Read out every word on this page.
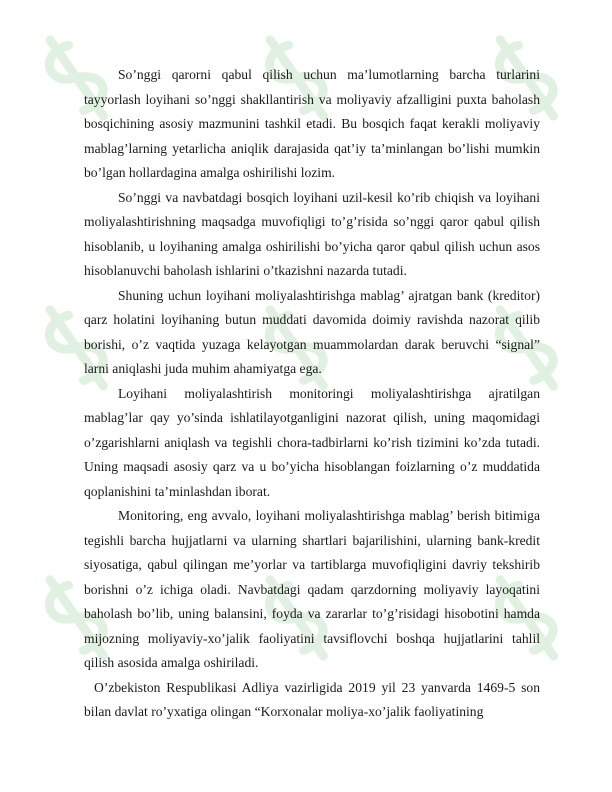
So’nggi qarorni qabul qilish uchun ma’lumotlarning barcha turlarini tayyorlash loyihani so’nggi shakllantirish va moliyaviy afzalligini puxta baholash bosqichining asosiy mazmunini tashkil etadi. Bu bosqich faqat kerakli moliyaviy mablag’larning yetarlicha aniqlik darajasida qat’iy ta’minlangan bo’lishi mumkin bo’lgan hollardagina amalga oshirilishi lozim.

So’nggi va navbatdagi bosqich loyihani uzil-kesil ko’rib chiqish va loyihani moliyalashtirishning maqsadga muvofiqligi to’g’risida so’nggi qaror qabul qilish hisoblanib, u loyihaning amalga oshirilishi bo’yicha qaror qabul qilish uchun asos hisoblanuvchi baholash ishlarini o’tkazishni nazarda tutadi.

Shuning uchun loyihani moliyalashtirishga mablag’ ajratgan bank (kreditor) qarz holatini loyihaning butun muddati davomida doimiy ravishda nazorat qilib borishi, o’z vaqtida yuzaga kelayotgan muammolardan darak beruvchi “signal” larni aniqlashi juda muhim ahamiyatga ega.

Loyihani moliyalashtirish monitoringi moliyalashtirishga ajratilgan mablag’lar qay yo’sinda ishlatilayotganligini nazorat qilish, uning maqomidagi o’zgarishlarni aniqlash va tegishli chora-tadbirlarni ko’rish tizimini ko’zda tutadi. Uning maqsadi asosiy qarz va u bo’yicha hisoblangan foizlarning o’z muddatida qoplanishini ta’minlashdan iborat.

Monitoring, eng avvalo, loyihani moliyalashtirishga mablag’ berish bitimiga tegishli barcha hujjatlarni va ularning shartlari bajarilishini, ularning bank-kredit siyosatiga, qabul qilingan me’yorlar va tartiblarga muvofiqligini davriy tekshirib borishni o’z ichiga oladi. Navbatdagi qadam qarzdorning moliyaviy layoqatini baholash bo’lib, uning balansini, foyda va zararlar to’g’risidagi hisobotini hamda mijozning moliyaviy-xo’jalik faoliyatini tavsiflovchi boshqa hujjatlarini tahlil qilish asosida amalga oshiriladi.

O’zbekiston Respublikasi Adliya vazirligida 2019 yil 23 yanvarda 1469-5 son bilan davlat ro’yxatiga olingan “Korxonalar moliya-xo’jalik faoliyatining
